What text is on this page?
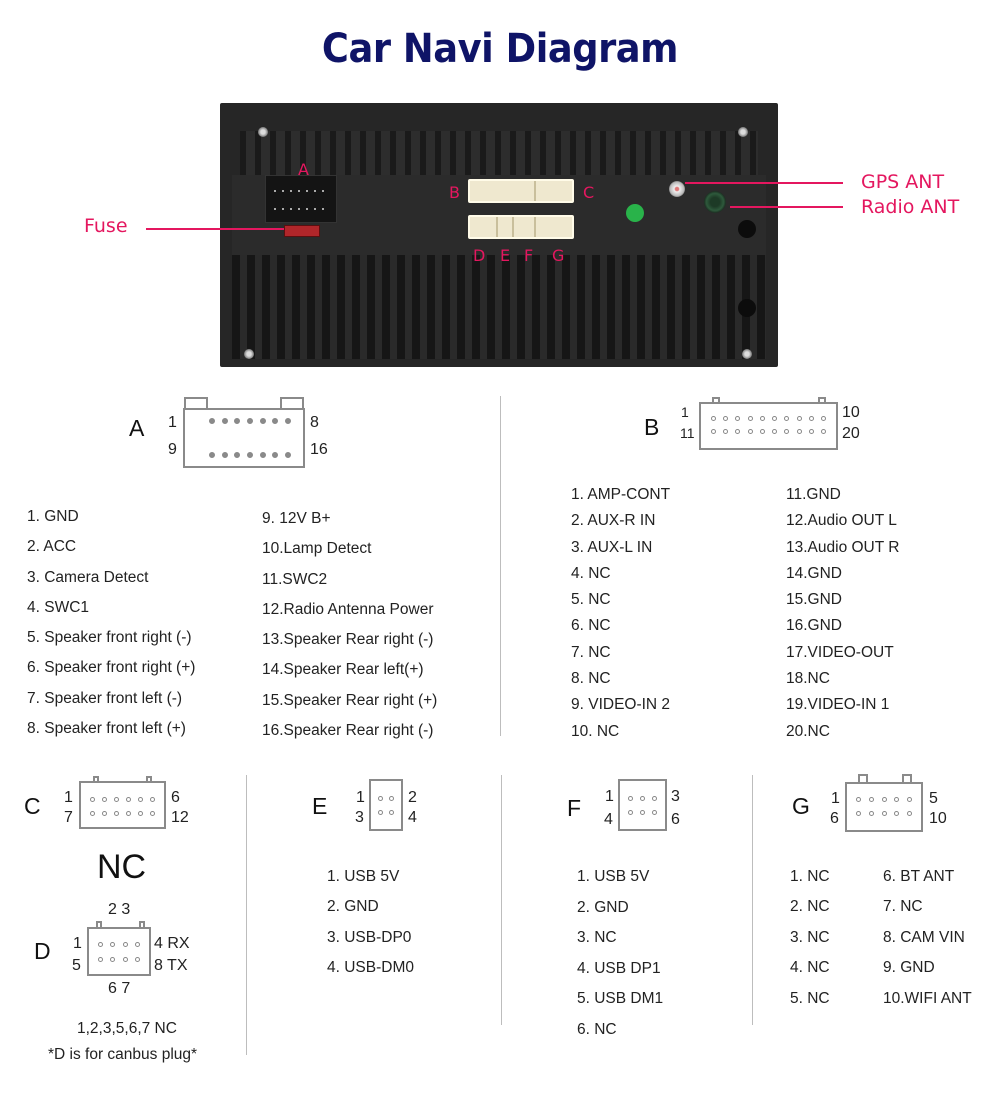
Car Navi Diagram
A
B	C
D E F G
Fuse
GPS ANT
Radio ANT
A 1	8
9	16
1. GND
2. ACC
3. Camera Detect
4. SWC1
5. Speaker front right (-)
6. Speaker front right (+)
7. Speaker front left (-)
8. Speaker front left (+)
9. 12V B+
10.Lamp Detect
11.SWC2
12.Radio Antenna Power
13.Speaker Rear right (-)
14.Speaker Rear left(+)
15.Speaker Rear right (+)
16.Speaker Rear right (-)
B
1	10
11	20
1. AMP-CONT
2. AUX-R IN
3. AUX-L IN
4. NC
5. NC
6. NC
7. NC
8. NC
9. VIDEO-IN 2
10. NC
11.GND
12.Audio OUT L
13.Audio OUT R
14.GND
15.GND
16.GND
17.VIDEO-OUT
18.NC
19.VIDEO-IN 1
20.NC
C 1	6
7	12
NC
2 3
D 1
5
4 RX
8 TX
6 7
1,2,3,5,6,7 NC
*D is for canbus plug*
E 1	2
3	4
1. USB 5V
2. GND
3. USB-DP0
4. USB-DM0
F 1	3
4	6
1. USB 5V
2. GND
3. NC
4. USB DP1
5. USB DM1
6. NC
G 1	5
6	10
1. NC
2. NC
3. NC
4. NC
5. NC
6. BT ANT
7. NC
8. CAM VIN
9. GND
10.WIFI ANT
